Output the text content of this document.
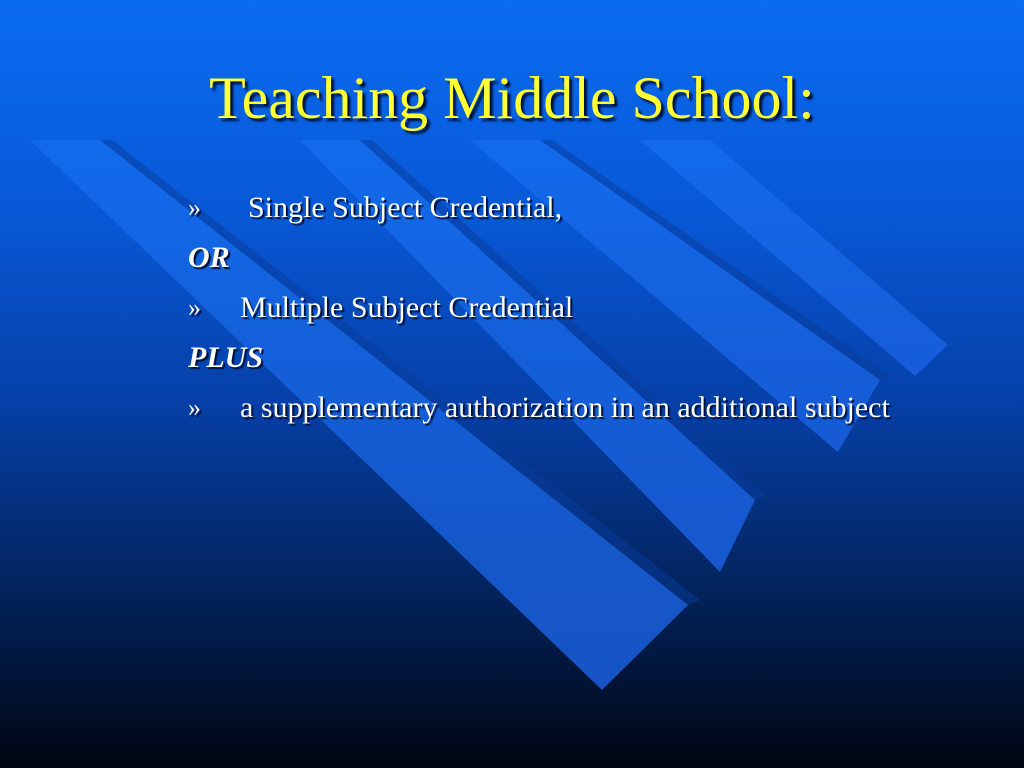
Teaching Middle School:
»	Single Subject Credential,
OR
»	Multiple Subject Credential
PLUS
»	a supplementary authorization in an additional subject
